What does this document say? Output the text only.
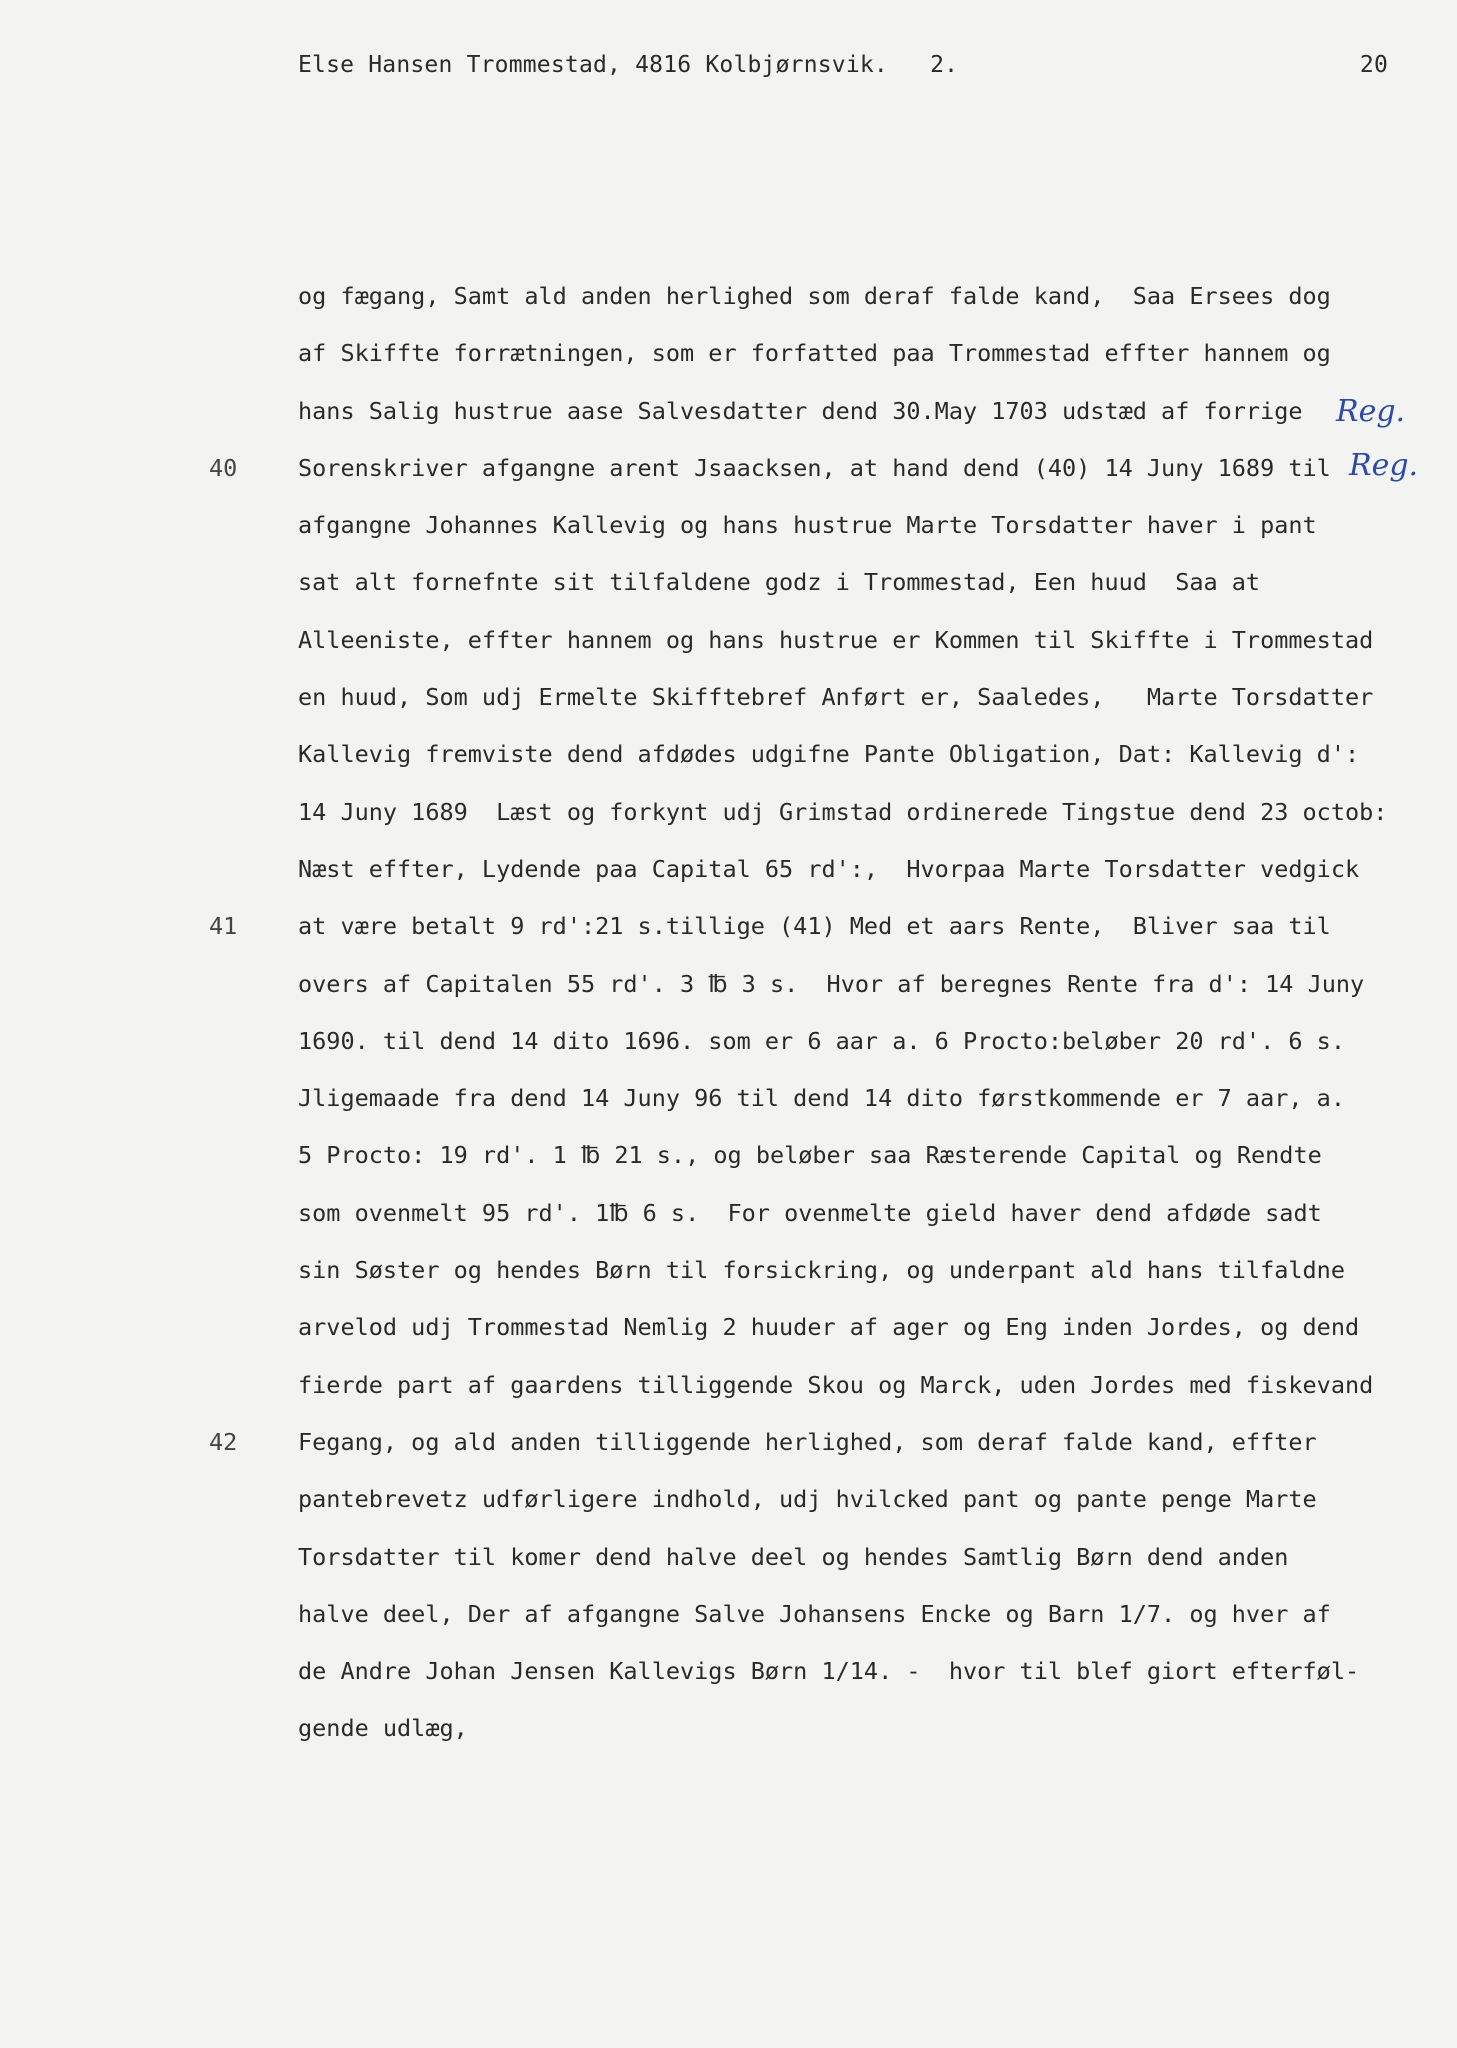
Else Hansen Trommestad, 4816 Kolbjørnsvik.   2.	20
Reg.
Reg.
og fægang, Samt ald anden herlighed som deraf falde kand,  Saa Ersees dog
af Skiffte forrætningen, som er forfatted paa Trommestad effter hannem og
hans Salig hustrue aase Salvesdatter dend 30.May 1703 udstæd af forrige
40	Sorenskriver afgangne arent Jsaacksen, at hand dend (40) 14 Juny 1689 til
afgangne Johannes Kallevig og hans hustrue Marte Torsdatter haver i pant
sat alt fornefnte sit tilfaldene godz i Trommestad, Een huud  Saa at
Alleeniste, effter hannem og hans hustrue er Kommen til Skiffte i Trommestad
en huud, Som udj Ermelte Skifftebref Anført er, Saaledes,   Marte Torsdatter
Kallevig fremviste dend afdødes udgifne Pante Obligation, Dat: Kallevig d':
14 Juny 1689  Læst og forkynt udj Grimstad ordinerede Tingstue dend 23 octob:
Næst effter, Lydende paa Capital 65 rd':,  Hvorpaa Marte Torsdatter vedgick
41	at være betalt 9 rd':21 s.tillige (41) Med et aars Rente,  Bliver saa til
overs af Capitalen 55 rd'. 3 ℔ 3 s.  Hvor af beregnes Rente fra d': 14 Juny
1690. til dend 14 dito 1696. som er 6 aar a. 6 Procto:beløber 20 rd'. 6 s.
Jligemaade fra dend 14 Juny 96 til dend 14 dito førstkommende er 7 aar, a.
5 Procto: 19 rd'. 1 ℔ 21 s., og beløber saa Ræsterende Capital og Rendte
som ovenmelt 95 rd'. 1℔ 6 s.  For ovenmelte gield haver dend afdøde sadt
sin Søster og hendes Børn til forsickring, og underpant ald hans tilfaldne
arvelod udj Trommestad Nemlig 2 huuder af ager og Eng inden Jordes, og dend
fierde part af gaardens tilliggende Skou og Marck, uden Jordes med fiskevand
42	Fegang, og ald anden tilliggende herlighed, som deraf falde kand, effter
pantebrevetz udførligere indhold, udj hvilcked pant og pante penge Marte
Torsdatter til komer dend halve deel og hendes Samtlig Børn dend anden
halve deel, Der af afgangne Salve Johansens Encke og Barn 1/7. og hver af
de Andre Johan Jensen Kallevigs Børn 1/14. -  hvor til blef giort efterføl-
gende udlæg,
